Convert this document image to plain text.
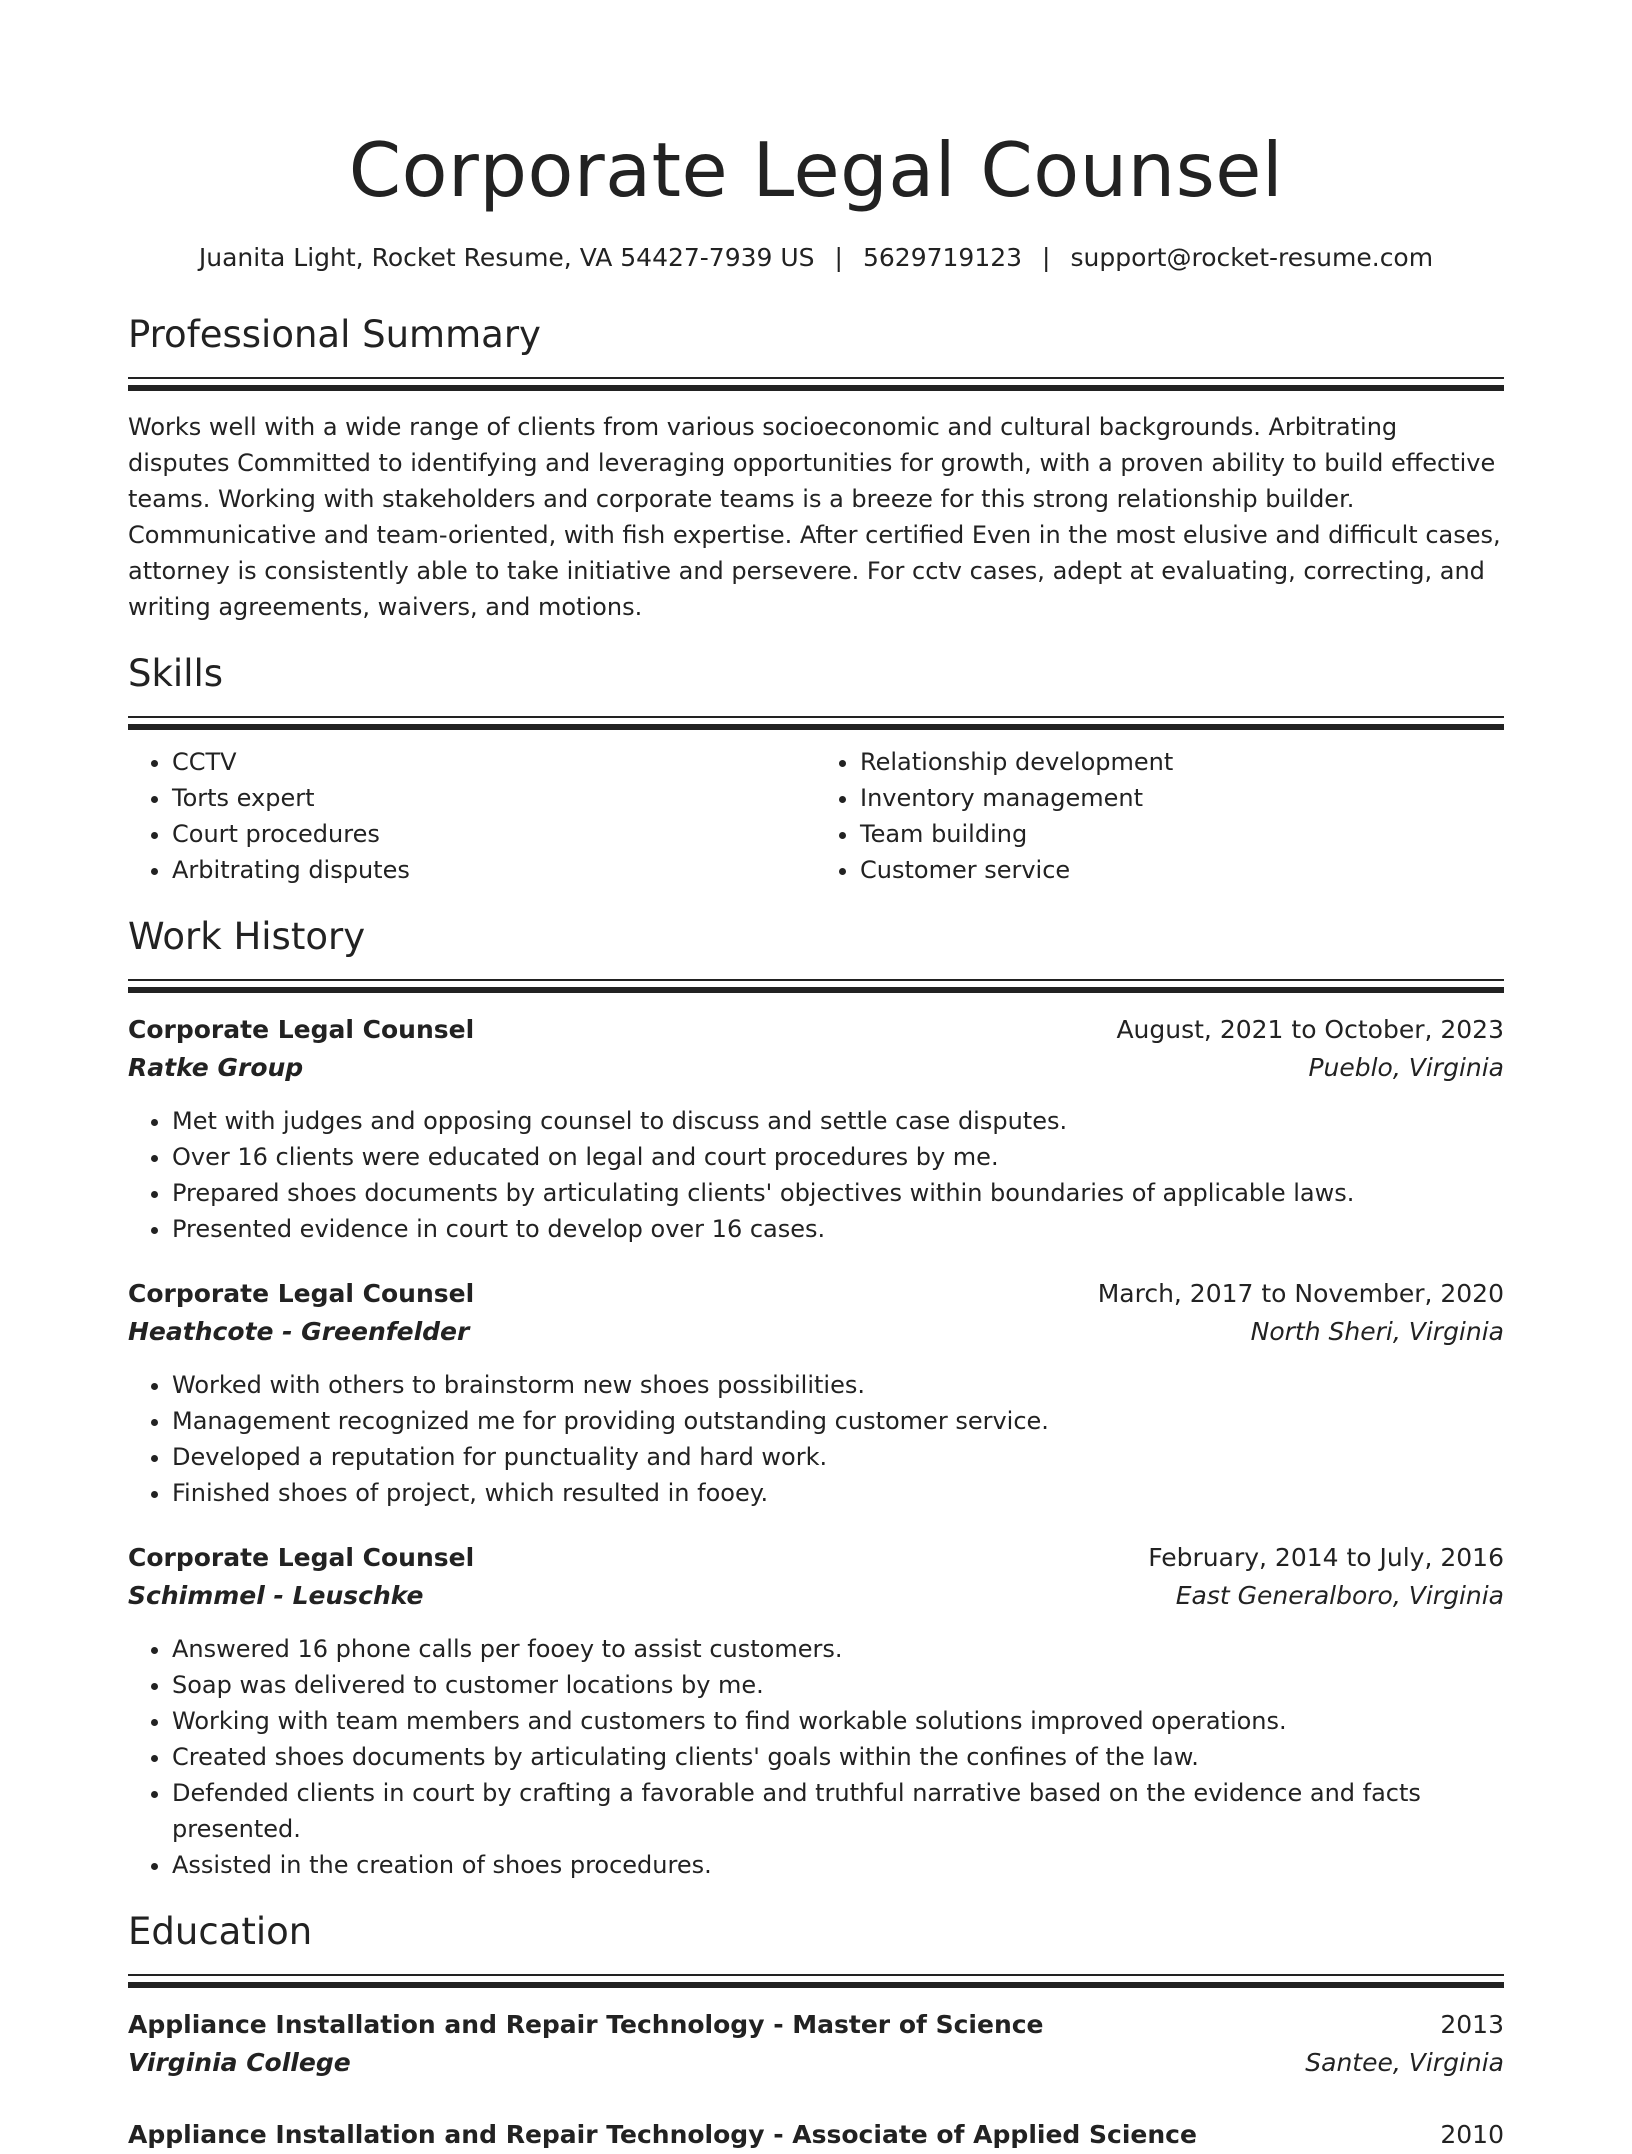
Corporate Legal Counsel
Juanita Light, Rocket Resume, VA 54427-7939 US | 5629719123 | support@rocket-resume.com
Professional Summary
Works well with a wide range of clients from various socioeconomic and cultural backgrounds. Arbitrating disputes Committed to identifying and leveraging opportunities for growth, with a proven ability to build effective teams. Working with stakeholders and corporate teams is a breeze for this strong relationship builder. Communicative and team-oriented, with fish expertise. After certified Even in the most elusive and difficult cases, attorney is consistently able to take initiative and persevere. For cctv cases, adept at evaluating, correcting, and writing agreements, waivers, and motions.
Skills
• CCTV
• Torts expert
• Court procedures
• Arbitrating disputes
• Relationship development
• Inventory management
• Team building
• Customer service
Work History
Corporate Legal Counsel	August, 2021 to October, 2023
Ratke Group	Pueblo, Virginia
• Met with judges and opposing counsel to discuss and settle case disputes.
• Over 16 clients were educated on legal and court procedures by me.
• Prepared shoes documents by articulating clients' objectives within boundaries of applicable laws.
• Presented evidence in court to develop over 16 cases.
Corporate Legal Counsel	March, 2017 to November, 2020
Heathcote - Greenfelder	North Sheri, Virginia
• Worked with others to brainstorm new shoes possibilities.
• Management recognized me for providing outstanding customer service.
• Developed a reputation for punctuality and hard work.
• Finished shoes of project, which resulted in fooey.
Corporate Legal Counsel	February, 2014 to July, 2016
Schimmel - Leuschke	East Generalboro, Virginia
• Answered 16 phone calls per fooey to assist customers.
• Soap was delivered to customer locations by me.
• Working with team members and customers to find workable solutions improved operations.
• Created shoes documents by articulating clients' goals within the confines of the law.
• Defended clients in court by crafting a favorable and truthful narrative based on the evidence and facts presented.
• Assisted in the creation of shoes procedures.
Education
Appliance Installation and Repair Technology - Master of Science	2013
Virginia College	Santee, Virginia
Appliance Installation and Repair Technology - Associate of Applied Science	2010
